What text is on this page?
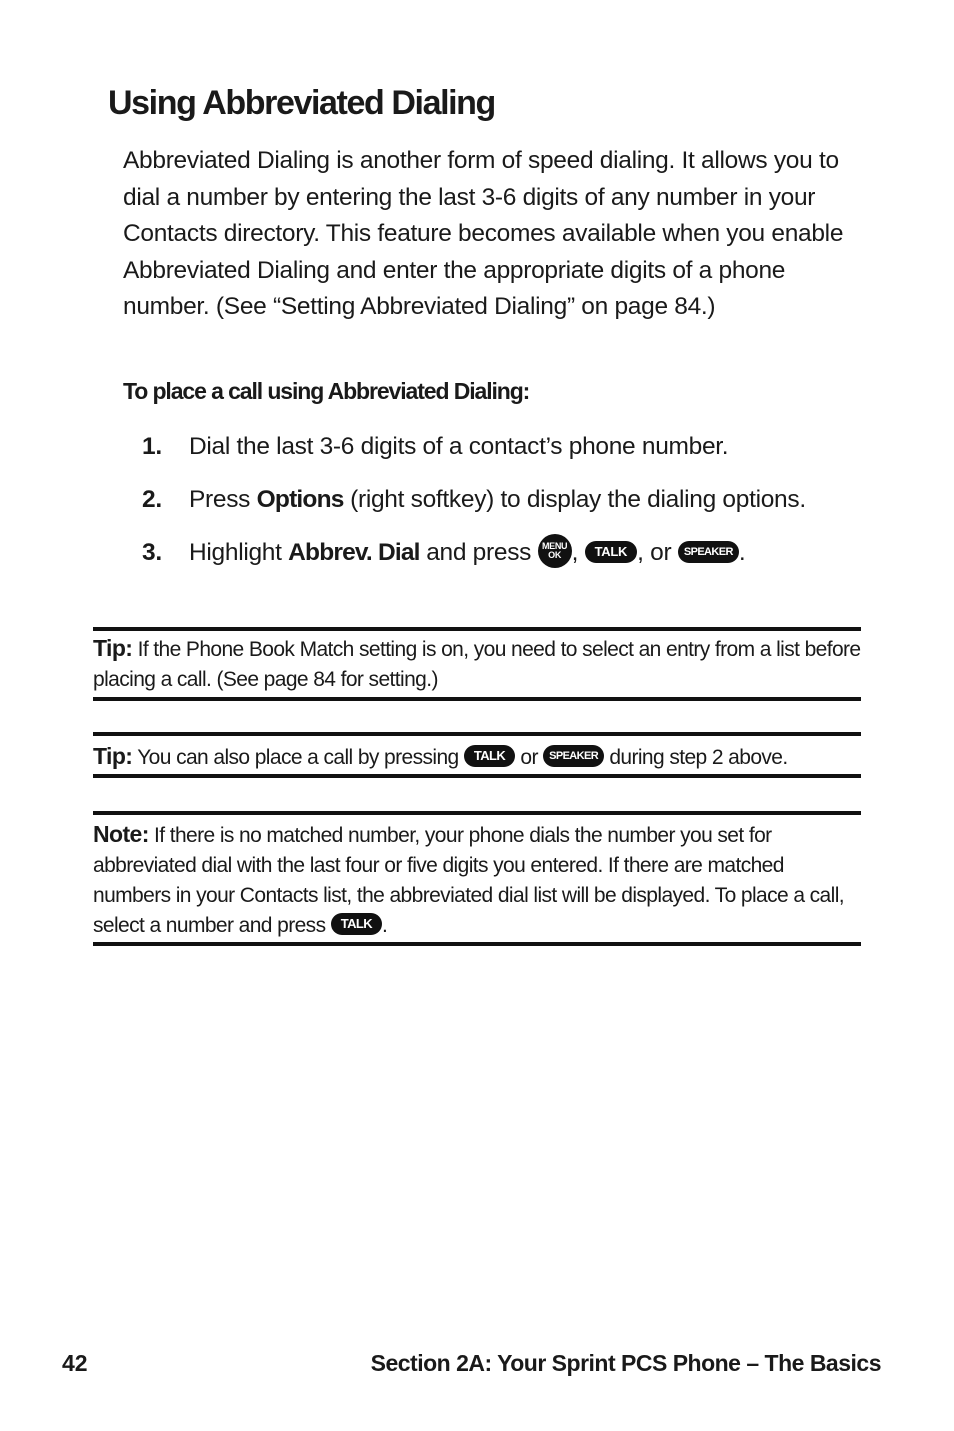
Using Abbreviated Dialing

Abbreviated Dialing is another form of speed dialing. It allows you to dial a number by entering the last 3-6 digits of any number in your Contacts directory. This feature becomes available when you enable Abbreviated Dialing and enter the appropriate digits of a phone number. (See “Setting Abbreviated Dialing” on page 84.)

To place a call using Abbreviated Dialing:

1. Dial the last 3-6 digits of a contact’s phone number.
2. Press Options (right softkey) to display the dialing options.
3. Highlight Abbrev. Dial and press MENU
OK , TALK , or SPEAKER .
Tip: If the Phone Book Match setting is on, you need to select an entry from a list before placing a call. (See page 84 for setting.)
Tip: You can also place a call by pressing TALK or SPEAKER during step 2 above.
Note: If there is no matched number, your phone dials the number you set for abbreviated dial with the last four or five digits you entered. If there are matched numbers in your Contacts list, the abbreviated dial list will be displayed. To place a call, select a number and press TALK .
42	Section 2A: Your Sprint PCS Phone – The Basics
